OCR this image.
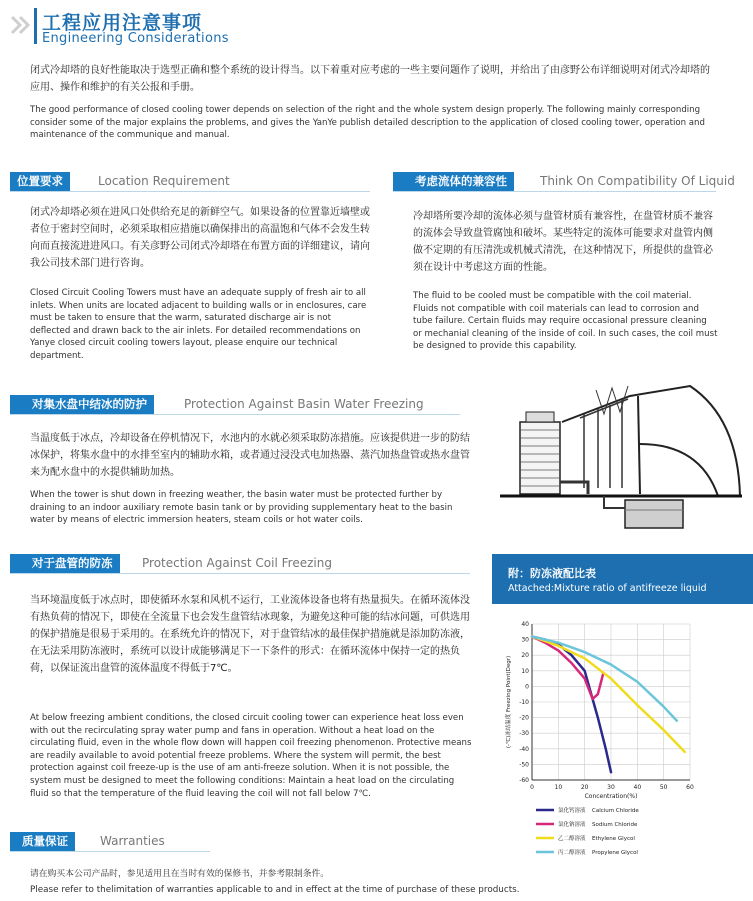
工程应用注意事项
Engineering Considerations
闭式冷却塔的良好性能取决于选型正确和整个系统的设计得当。以下着重对应考虑的一些主要问题作了说明，并给出了由彦野公布详细说明对闭式冷却塔的应用、操作和维护的有关公报和手册。
The good performance of closed cooling tower depends on selection of the right and the whole system design properly. The following mainly corresponding consider some of the major explains the problems, and gives the YanYe publish detailed description to the application of closed cooling tower, operation and maintenance of the communique and manual.
位置要求	Location Requirement
闭式冷却塔必须在进风口处供给充足的新鲜空气。如果设备的位置靠近墙壁或者位于密封空间时，必须采取相应措施以确保排出的高温饱和气体不会发生转向而直接流进进风口。有关彦野公司闭式冷却塔在布置方面的详细建议，请向我公司技术部门进行咨询。
Closed Circuit Cooling Towers must have an adequate supply of fresh air to all inlets. When units are located adjacent to building walls or in enclosures, care must be taken to ensure that the warm, saturated discharge air is not deflected and drawn back to the air inlets. For detailed recommendations on Yanye closed circuit cooling towers layout, please enquire our technical department.
考虑流体的兼容性	Think On Compatibility Of Liquid
冷却塔所要冷却的流体必须与盘管材质有兼容性，在盘管材质不兼容的流体会导致盘管腐蚀和破坏。某些特定的流体可能要求对盘管内侧做不定期的有压清洗或机械式清洗，在这种情况下，所提供的盘管必须在设计中考虑这方面的性能。
The fluid to be cooled must be compatible with the coil material. Fluids not compatible with coil materials can lead to corrosion and tube failure. Certain fluids may require occasional pressure cleaning or mechanial cleaning of the inside of coil. In such cases, the coil must be designed to provide this capability.
对集水盘中结冰的防护	Protection Against Basin Water Freezing
当温度低于冰点，冷却设备在停机情况下，水池内的水就必须采取防冻措施。应该提供进一步的防结冰保护，将集水盘中的水排至室内的辅助水箱，或者通过浸没式电加热器、蒸汽加热盘管或热水盘管来为配水盘中的水提供辅助加热。
When the tower is shut down in freezing weather, the basin water must be protected further by draining to an indoor auxiliary remote basin tank or by providing supplementary heat to the basin water by means of electric immersion heaters, steam coils or hot water coils.
对于盘管的防冻	Protection Against Coil Freezing
当环境温度低于冰点时，即使循环水泵和风机不运行，工业流体设备也将有热量损失。在循环流体没有热负荷的情况下，即使在全流量下也会发生盘管结冰现象，为避免这种可能的结冰问题，可供选用的保护措施是很易于采用的。在系统允许的情况下，对于盘管结冰的最佳保护措施就是添加防冻液，在无法采用防冻液时，系统可以设计成能够满足下一下条件的形式：在循环流体中保持一定的热负荷，以保证流出盘管的流体温度不得低于7℃。
At below freezing ambient conditions, the closed circuit cooling tower can experience heat loss even with out the recirculating spray water pump and fans in operation. Without a heat load on the circulating fluid, even in the whole flow down will happen coil freezing phenomenon. Protective means are readily available to avoid potential freeze problems. Where the system will permit, the best protection against coil freeze-up is the use of am anti-freeze solution. When it is not possible, the system must be designed to meet the following conditions: Maintain a heat load on the circulating fluid so that the temperature of the fluid leaving the coil will not fall below 7℃.
附：防冻液配比表
Attached:Mixture ratio of antifreeze liquid
0	10	20	30	40	50	60
40
30
20
10
0
-10
-20
-30
-40
-50
-60
Concentration(%)
(-℃)冻结温度 Freezing Point(Degr)
氯化钙溶液 Calcium Chloride
氯化钠溶液 Sodium Chloride
乙二醇溶液 Ethylene Glycol
丙二醇溶液 Propylene Glycol
质量保证	Warranties
请在购买本公司产品时，参见适用且在当时有效的保修书，并参考限制条件。
Please refer to thelimitation of warranties applicable to and in effect at the time of purchase of these products.
